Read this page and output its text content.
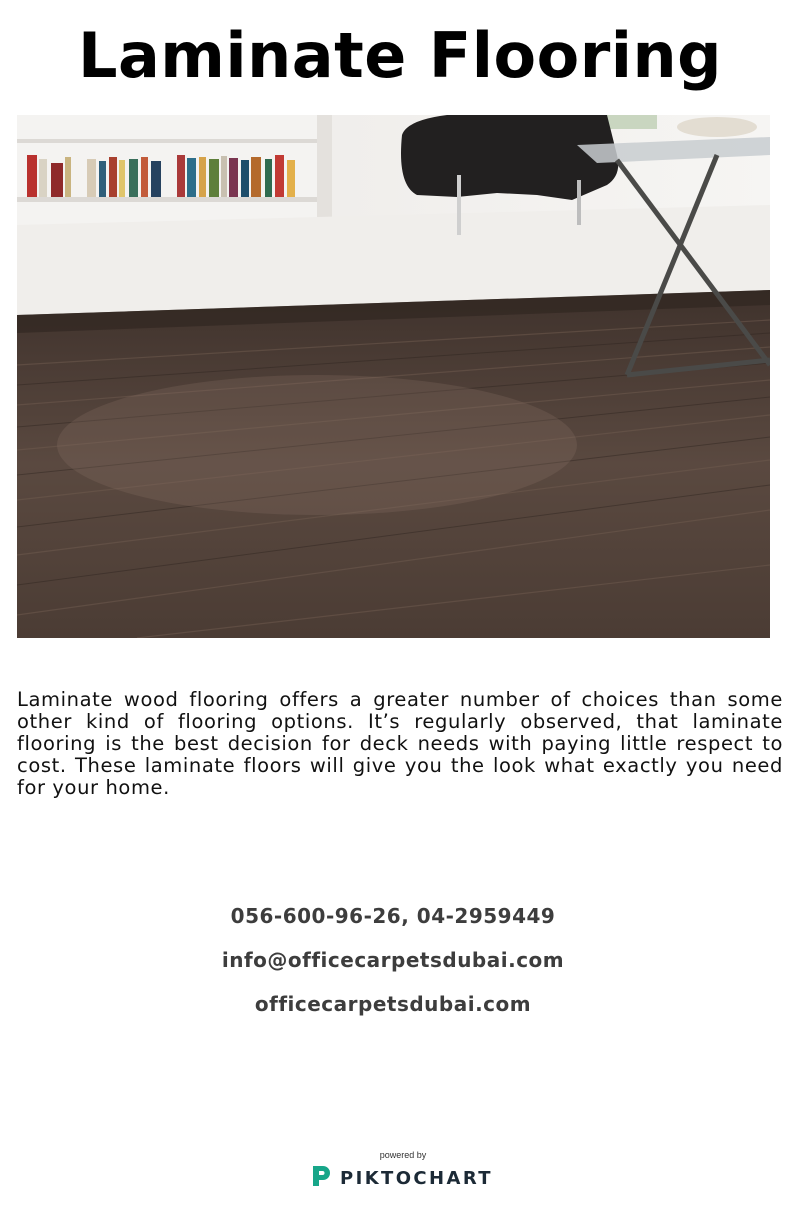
Laminate Flooring

Laminate wood flooring offers a greater number of choices than some other kind of flooring options. It’s regularly observed, that laminate flooring is the best decision for deck needs with paying little respect to cost. These laminate floors will give you the look what exactly you need for your home.

056-600-96-26, 04-2959449
info@officecarpetsdubai.com
officecarpetsdubai.com
powered by
PIKTOCHART
